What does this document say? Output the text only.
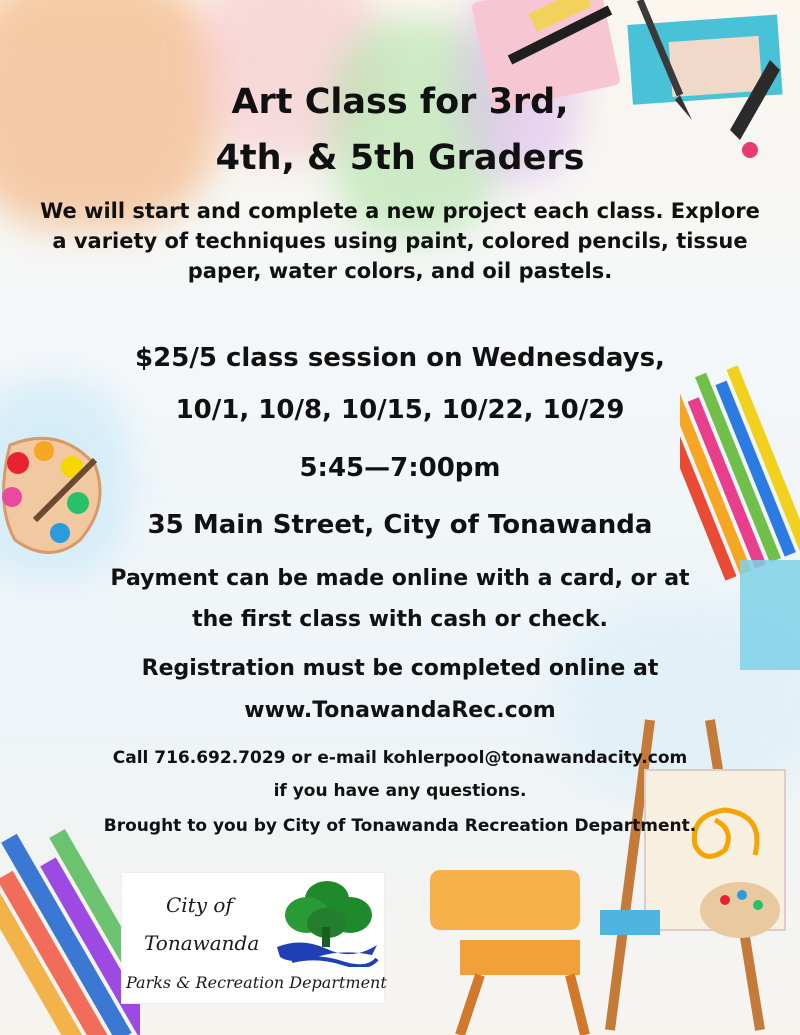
Art Class for 3rd,
4th, & 5th Graders
We will start and complete a new project each class. Explore a variety of techniques using paint, colored pencils, tissue paper, water colors, and oil pastels.
$25/5 class session on Wednesdays,
10/1, 10/8, 10/15, 10/22, 10/29
5:45—7:00pm
35 Main Street, City of Tonawanda
Payment can be made online with a card, or at
the first class with cash or check.
Registration must be completed online at
www.TonawandaRec.com
Call 716.692.7029 or e-mail kohlerpool@tonawandacity.com
if you have any questions.
Brought to you by City of Tonawanda Recreation Department.
City of
Tonawanda
Parks & Recreation Department
